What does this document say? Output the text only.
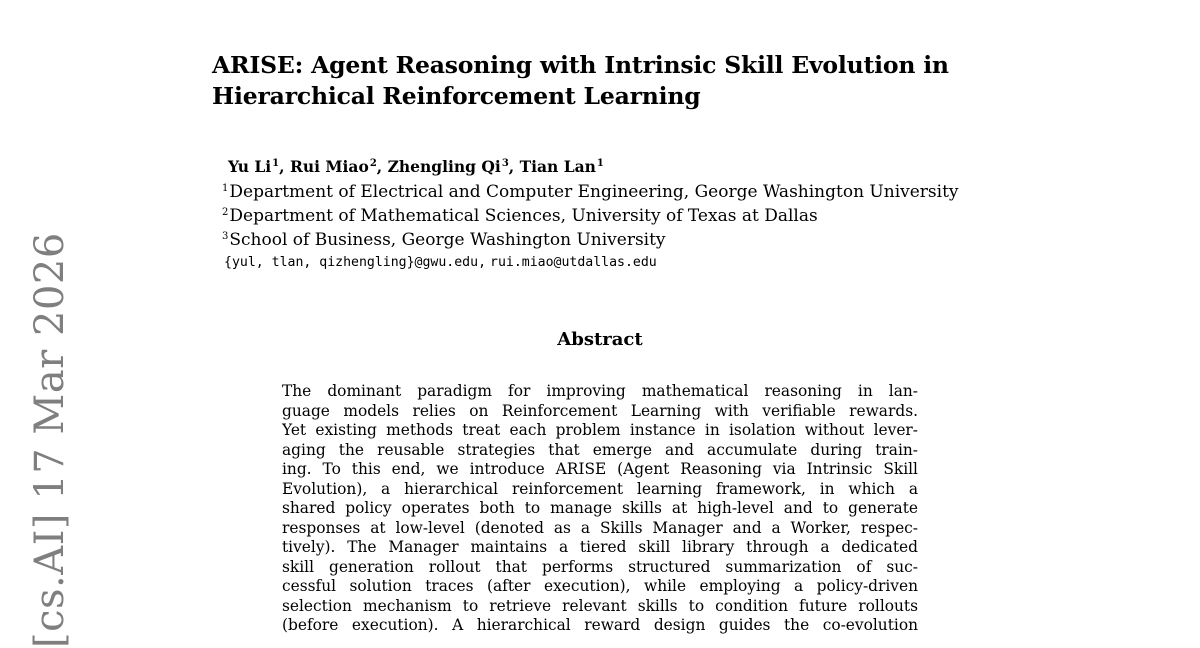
ARISE: Agent Reasoning with Intrinsic Skill Evolution in
Hierarchical Reinforcement Learning
Yu Li$^1$, Rui Miao$^2$, Zhengling Qi$^3$, Tian Lan$^1$
$^1$Department of Electrical and Computer Engineering, George Washington University
$^2$Department of Mathematical Sciences, University of Texas at Dallas
$^3$School of Business, George Washington University
{yul, tlan, qizhengling}@gwu.edu, rui.miao@utdallas.edu
Abstract
The dominant paradigm for improving mathematical reasoning in lan-
guage models relies on Reinforcement Learning with verifiable rewards.
Yet existing methods treat each problem instance in isolation without lever-
aging the reusable strategies that emerge and accumulate during train-
ing. To this end, we introduce ARISE (Agent Reasoning via Intrinsic Skill
Evolution), a hierarchical reinforcement learning framework, in which a
shared policy operates both to manage skills at high-level and to generate
responses at low-level (denoted as a Skills Manager and a Worker, respec-
tively). The Manager maintains a tiered skill library through a dedicated
skill generation rollout that performs structured summarization of suc-
cessful solution traces (after execution), while employing a policy-driven
selection mechanism to retrieve relevant skills to condition future rollouts
(before execution). A hierarchical reward design guides the co-evolution
[cs.AI] 17 Mar 2026
